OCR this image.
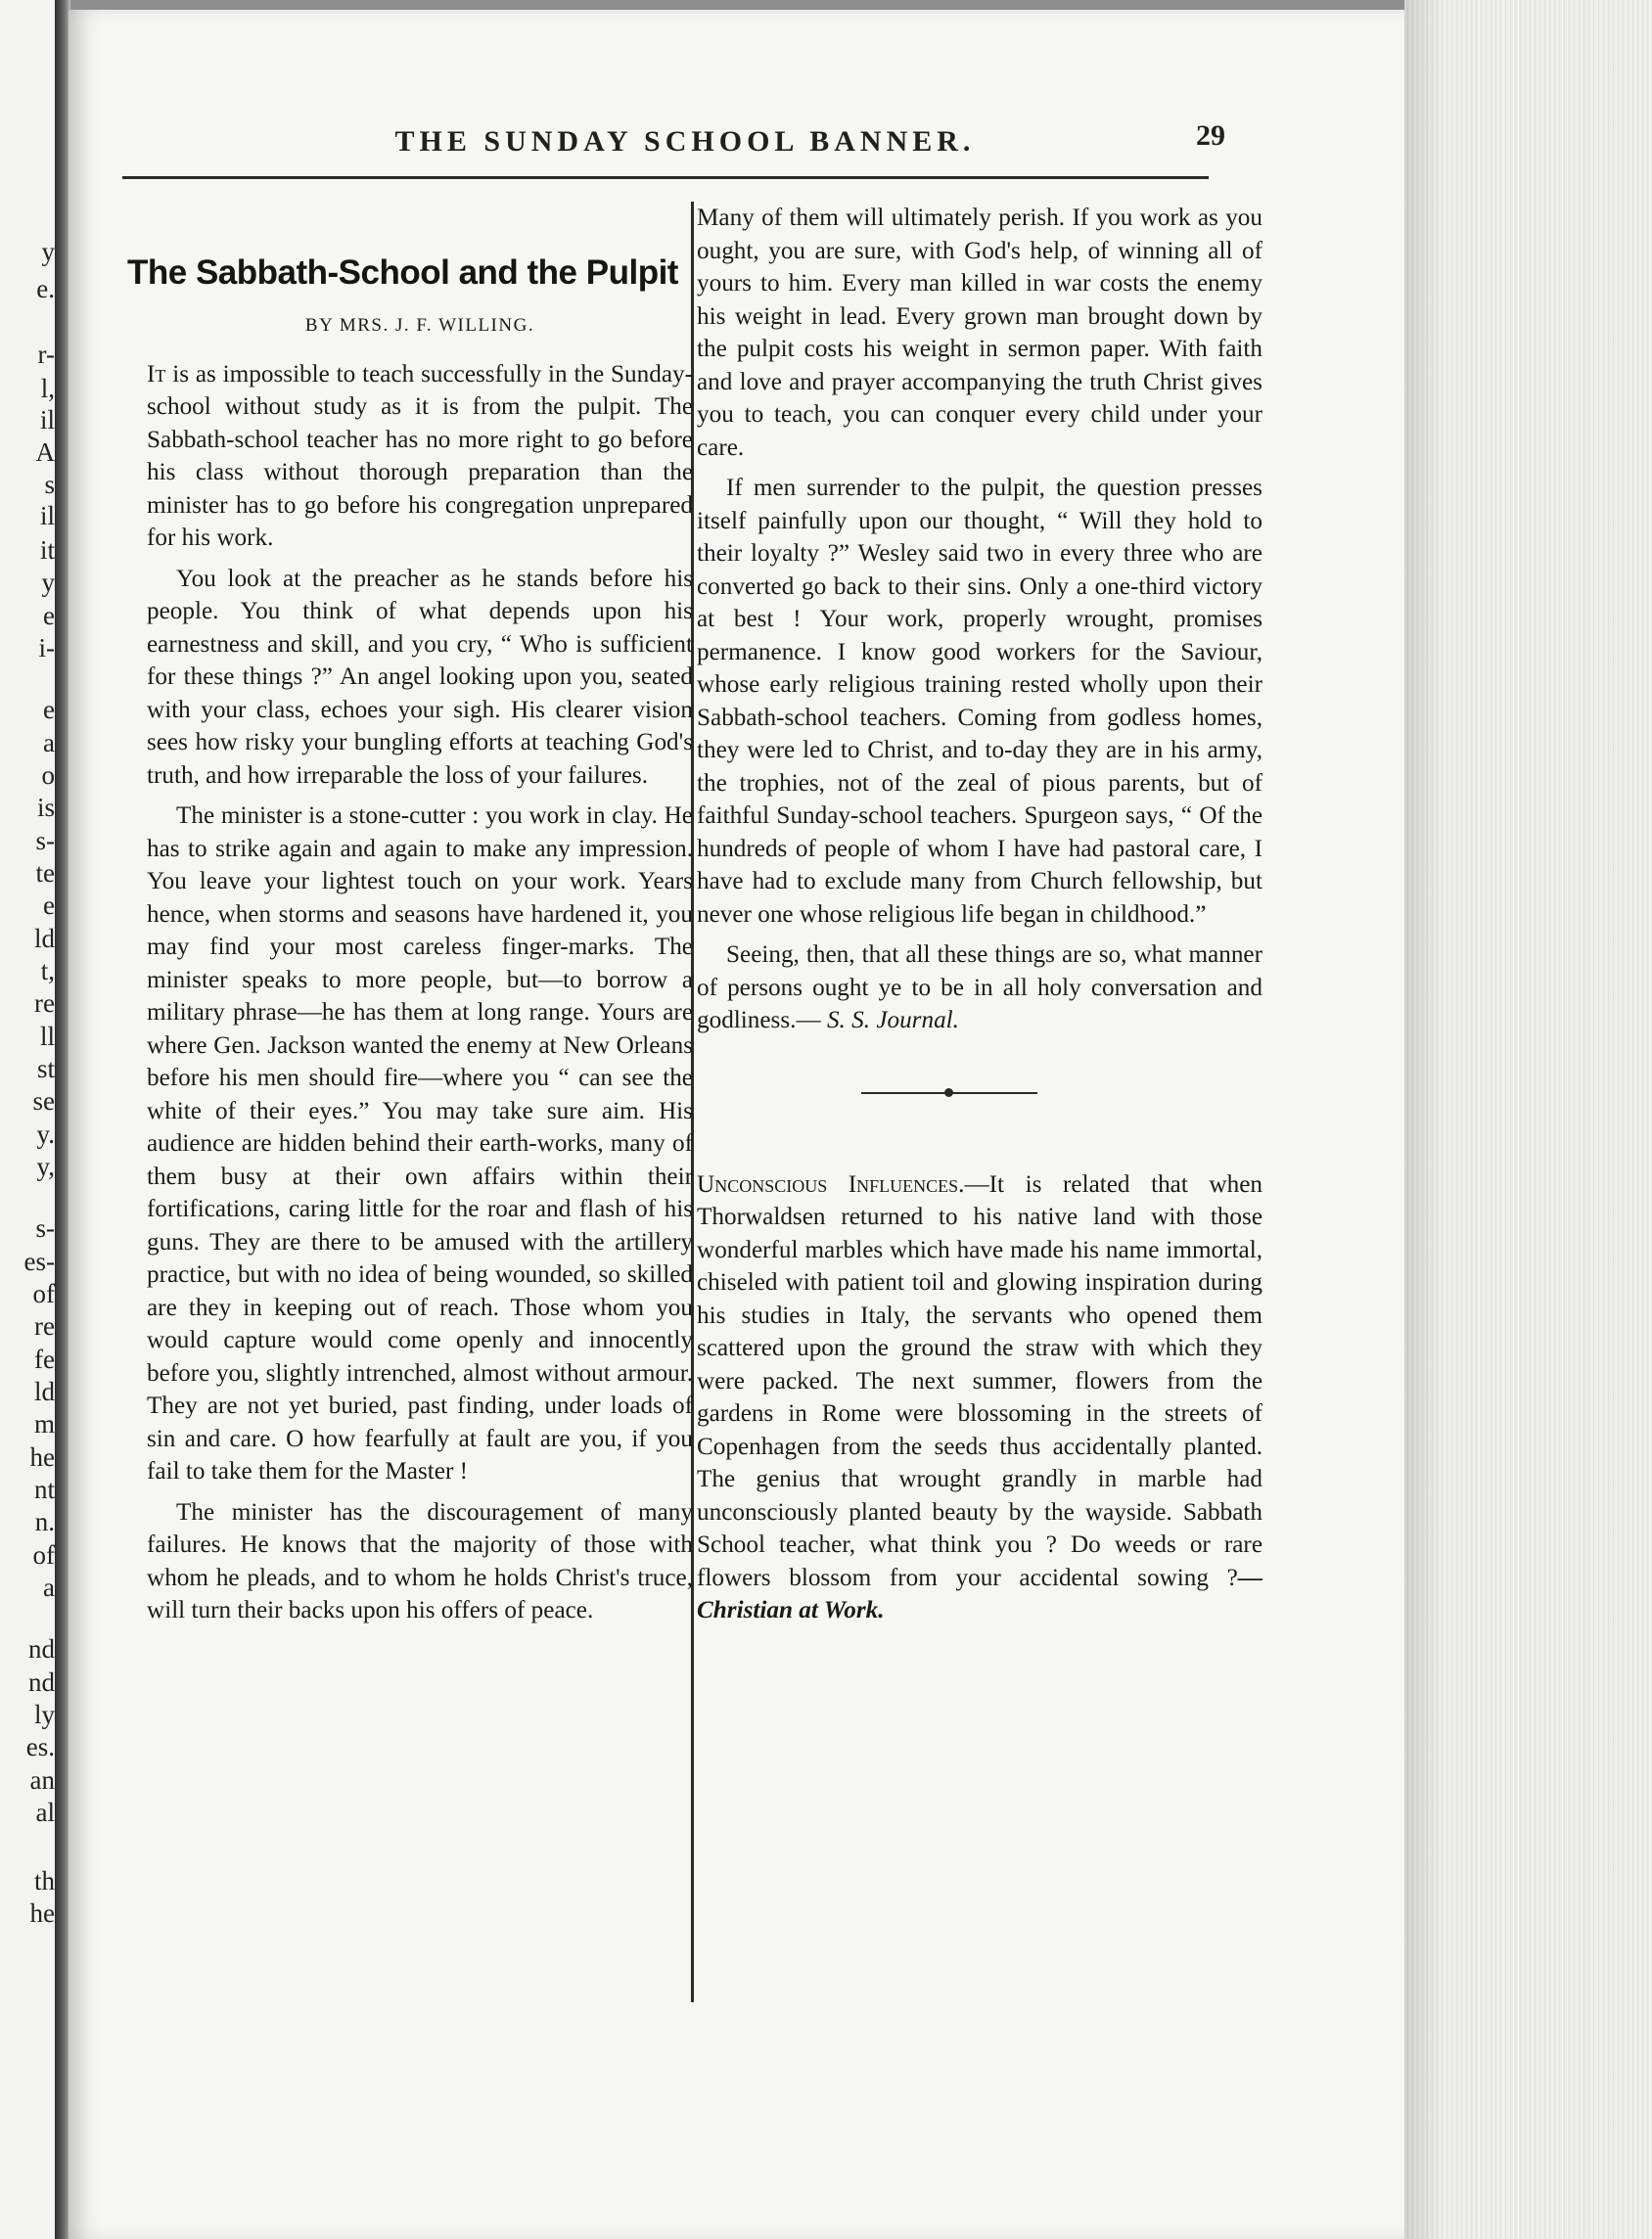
y
e.
r-
l,
il
A
s
il
it
y
e
i-
e
a
o
is
s-
te
e
ld
t,
re
ll
st
se
y.
y,
s-
es-
of
re
fe
ld
m
he
nt
n.
of
a
nd
nd
ly
es.
an
al
th
he
THE SUNDAY SCHOOL BANNER.	29
The Sabbath-School and the Pulpit

BY MRS. J. F. WILLING.

It is as impossible to teach successfully in the Sunday-school without study as it is from the pulpit. The Sabbath-school teacher has no more right to go before his class without thorough preparation than the minister has to go before his congregation unprepared for his work.

You look at the preacher as he stands before his people. You think of what depends upon his earnestness and skill, and you cry, “ Who is sufficient for these things ?” An angel looking upon you, seated with your class, echoes your sigh. His clearer vision sees how risky your bungling efforts at teaching God's truth, and how irreparable the loss of your failures.

The minister is a stone-cutter : you work in clay. He has to strike again and again to make any impression. You leave your lightest touch on your work. Years hence, when storms and seasons have hardened it, you may find your most careless finger-marks. The minister speaks to more people, but—to borrow a military phrase—he has them at long range. Yours are where Gen. Jackson wanted the enemy at New Orleans before his men should fire—where you “ can see the white of their eyes.” You may take sure aim. His audience are hidden behind their earth-works, many of them busy at their own affairs within their fortifications, caring little for the roar and flash of his guns. They are there to be amused with the artillery practice, but with no idea of being wounded, so skilled are they in keeping out of reach. Those whom you would capture would come openly and innocently before you, slightly intrenched, almost without armour. They are not yet buried, past finding, under loads of sin and care. O how fearfully at fault are you, if you fail to take them for the Master !

The minister has the discouragement of many failures. He knows that the majority of those with whom he pleads, and to whom he holds Christ's truce, will turn their backs upon his offers of peace.

Many of them will ultimately perish. If you work as you ought, you are sure, with God's help, of winning all of yours to him. Every man killed in war costs the enemy his weight in lead. Every grown man brought down by the pulpit costs his weight in sermon paper. With faith and love and prayer accompanying the truth Christ gives you to teach, you can conquer every child under your care.

If men surrender to the pulpit, the question presses itself painfully upon our thought, “ Will they hold to their loyalty ?” Wesley said two in every three who are converted go back to their sins. Only a one-third victory at best ! Your work, properly wrought, promises permanence. I know good workers for the Saviour, whose early religious training rested wholly upon their Sabbath-school teachers. Coming from godless homes, they were led to Christ, and to-day they are in his army, the trophies, not of the zeal of pious parents, but of faithful Sunday-school teachers. Spurgeon says, “ Of the hundreds of people of whom I have had pastoral care, I have had to exclude many from Church fellowship, but never one whose religious life began in childhood.”

Seeing, then, that all these things are so, what manner of persons ought ye to be in all holy conversation and godliness.— S. S. Journal.

Unconscious Influences.—It is related that when Thorwaldsen returned to his native land with those wonderful marbles which have made his name immortal, chiseled with patient toil and glowing inspiration during his studies in Italy, the servants who opened them scattered upon the ground the straw with which they were packed. The next summer, flowers from the gardens in Rome were blossoming in the streets of Copenhagen from the seeds thus accidentally planted. The genius that wrought grandly in marble had unconsciously planted beauty by the wayside. Sabbath School teacher, what think you ? Do weeds or rare flowers blossom from your accidental sowing ?—Christian at Work.
